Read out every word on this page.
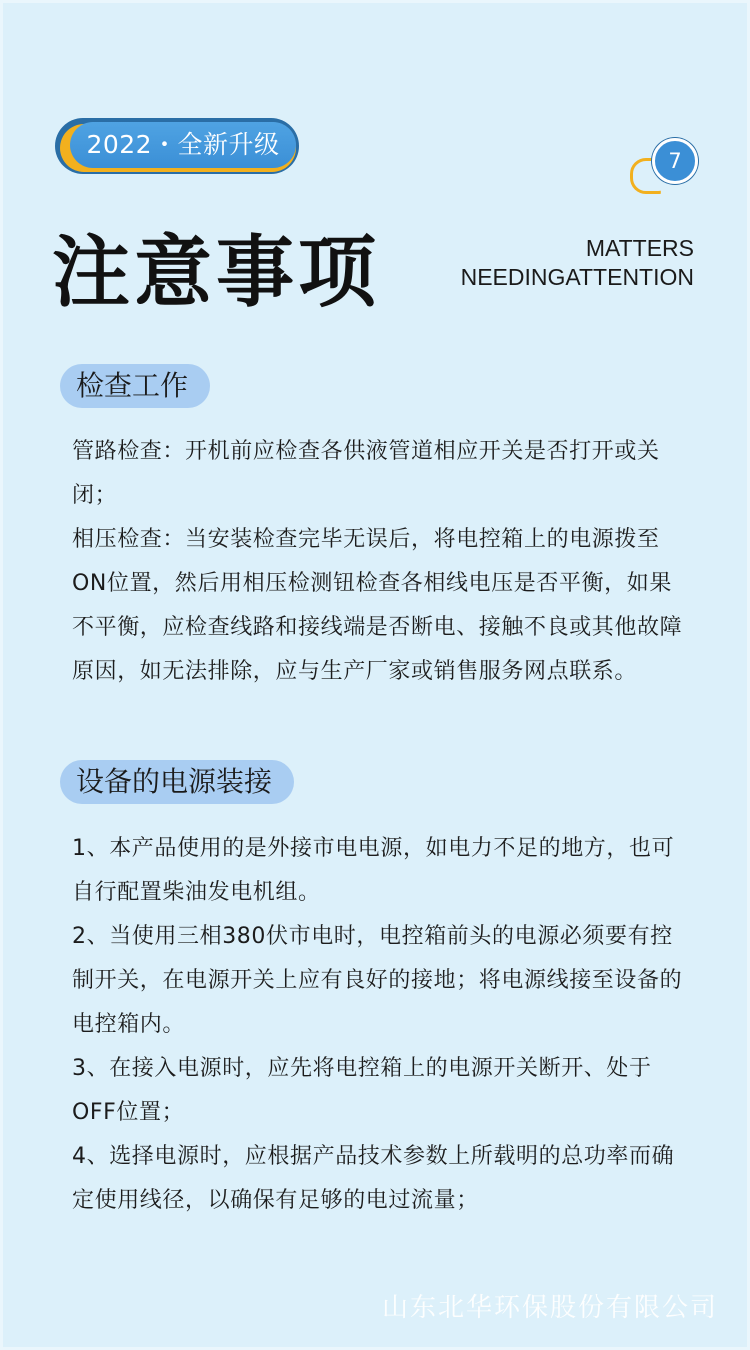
2022・全新升级
7
注意事项	MATTERS
NEEDINGATTENTION
检查工作

管路检查：开机前应检查各供液管道相应开关是否打开或关闭；

相压检查：当安装检查完毕无误后，将电控箱上的电源拨至ON位置，然后用相压检测钮检查各相线电压是否平衡，如果不平衡，应检查线路和接线端是否断电、接触不良或其他故障原因，如无法排除，应与生产厂家或销售服务网点联系。

设备的电源装接

1、本产品使用的是外接市电电源，如电力不足的地方，也可自行配置柴油发电机组。

2、当使用三相380伏市电时，电控箱前头的电源必须要有控制开关，在电源开关上应有良好的接地；将电源线接至设备的电控箱内。

3、在接入电源时，应先将电控箱上的电源开关断开、处于OFF位置；

4、选择电源时，应根据产品技术参数上所载明的总功率而确定使用线径，以确保有足够的电过流量；

山东北华环保股份有限公司
